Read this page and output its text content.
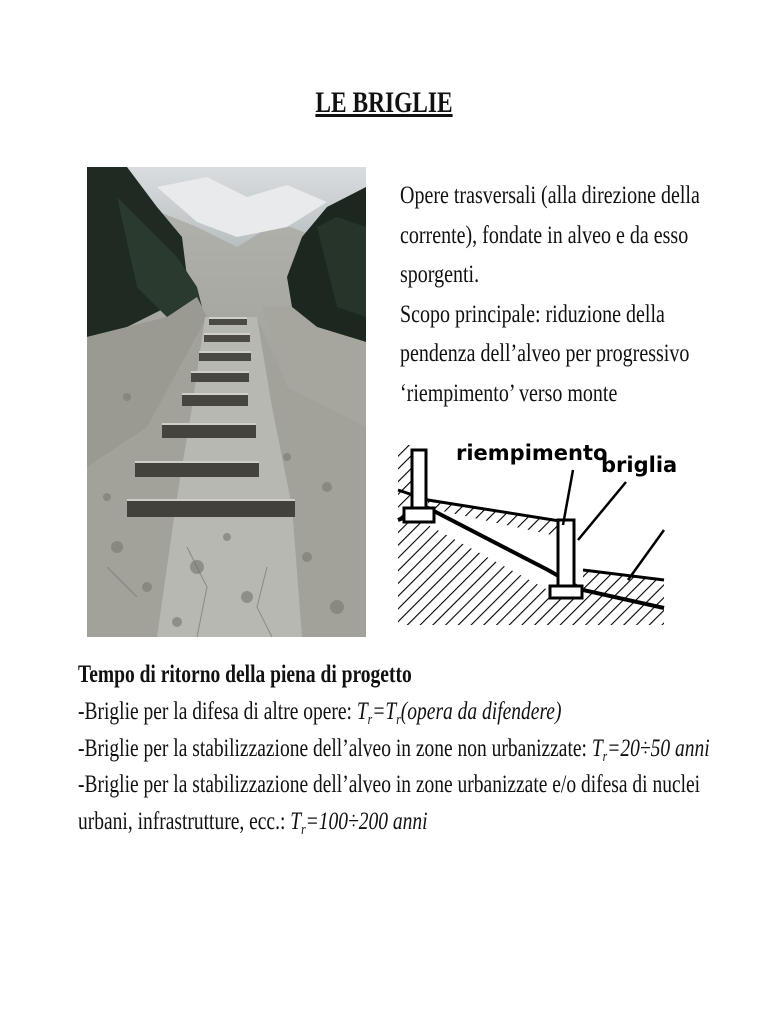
LE BRIGLIE

Opere trasversali (alla direzione della

corrente), fondate in alveo e da esso

sporgenti.

Scopo principale: riduzione della

pendenza dell’alveo per progressivo

‘riempimento’ verso monte

riempimento
briglia

Tempo di ritorno della piena di progetto

-Briglie per la difesa di altre opere: $T_r=T_r(opera$ da difendere)

-Briglie per la stabilizzazione dell’alveo in zone non urbanizzate: $T_r=20\div 50$ anni

-Briglie per la stabilizzazione dell’alveo in zone urbanizzate e/o difesa di nuclei

urbani, infrastrutture, ecc.: $T_r=100\div 200$ anni
